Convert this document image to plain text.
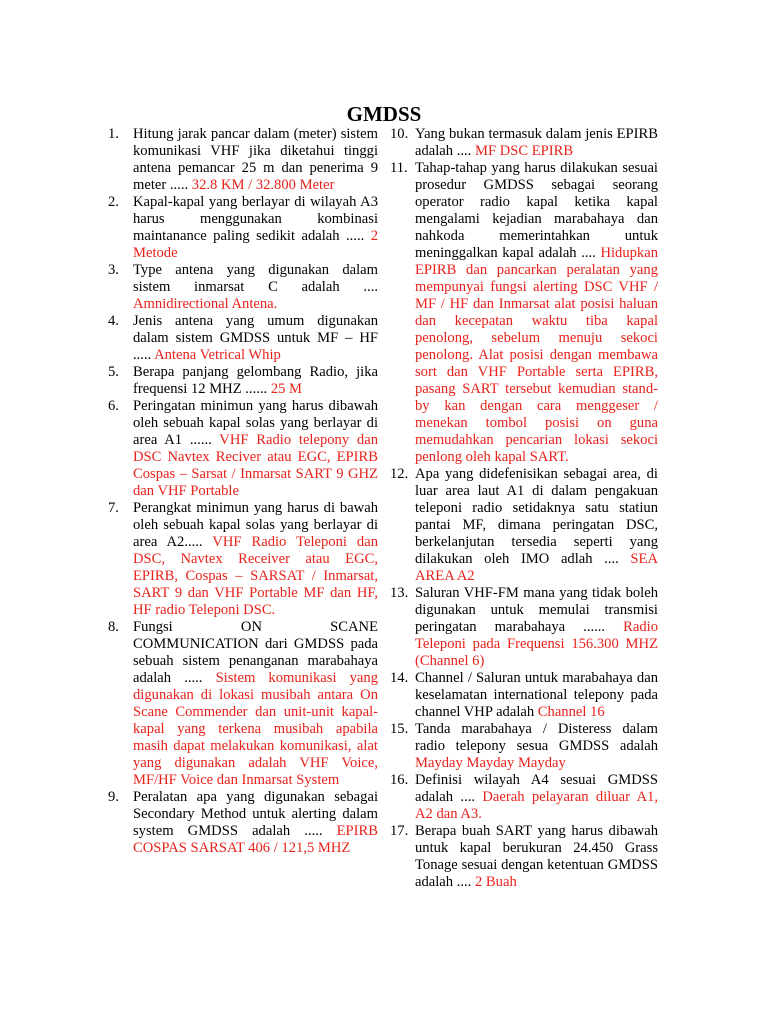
GMDSS
1. Hitung jarak pancar dalam (meter) sistem komunikasi VHF jika diketahui tinggi antena pemancar 25 m dan penerima 9 meter ..... 32.8 KM / 32.800 Meter
2. Kapal-kapal yang berlayar di wilayah A3 harus menggunakan kombinasi maintanance paling sedikit adalah ..... 2 Metode
3. Type antena yang digunakan dalam sistem inmarsat C adalah .... Amnidirectional Antena.
4. Jenis antena yang umum digunakan dalam sistem GMDSS untuk MF – HF ..... Antena Vetrical Whip
5. Berapa panjang gelombang Radio, jika frequensi 12 MHZ ...... 25 M
6. Peringatan minimun yang harus dibawah oleh sebuah kapal solas yang berlayar di area A1 ...... VHF Radio telepony dan DSC Navtex Reciver atau EGC, EPIRB Cospas – Sarsat / Inmarsat SART 9 GHZ dan VHF Portable
7. Perangkat minimun yang harus di bawah oleh sebuah kapal solas yang berlayar di area A2..... VHF Radio Teleponi dan DSC, Navtex Receiver atau EGC, EPIRB, Cospas – SARSAT / Inmarsat, SART 9 dan VHF Portable MF dan HF, HF radio Teleponi DSC.
8. Fungsi ON SCANE COMMUNICATION dari GMDSS pada sebuah sistem penanganan marabahaya adalah ..... Sistem komunikasi yang digunakan di lokasi musibah antara On Scane Commender dan unit-unit kapal-kapal yang terkena musibah apabila masih dapat melakukan komunikasi, alat yang digunakan adalah VHF Voice, MF/HF Voice dan Inmarsat System
9. Peralatan apa yang digunakan sebagai Secondary Method untuk alerting dalam system GMDSS adalah ..... EPIRB COSPAS SARSAT 406 / 121,5 MHZ
10. Yang bukan termasuk dalam jenis EPIRB adalah .... MF DSC EPIRB
11. Tahap-tahap yang harus dilakukan sesuai prosedur GMDSS sebagai seorang operator radio kapal ketika kapal mengalami kejadian marabahaya dan nahkoda memerintahkan untuk meninggalkan kapal adalah .... Hidupkan EPIRB dan pancarkan peralatan yang mempunyai fungsi alerting DSC VHF / MF / HF dan Inmarsat alat posisi haluan dan kecepatan waktu tiba kapal penolong, sebelum menuju sekoci penolong. Alat posisi dengan membawa sort dan VHF Portable serta EPIRB, pasang SART tersebut kemudian stand-by kan dengan cara menggeser / menekan tombol posisi on guna memudahkan pencarian lokasi sekoci penlong oleh kapal SART.
12. Apa yang didefenisikan sebagai area, di luar area laut A1 di dalam pengakuan teleponi radio setidaknya satu statiun pantai MF, dimana peringatan DSC, berkelanjutan tersedia seperti yang dilakukan oleh IMO adlah .... SEA AREA A2
13. Saluran VHF-FM mana yang tidak boleh digunakan untuk memulai transmisi peringatan marabahaya ...... Radio Teleponi pada Frequensi 156.300 MHZ (Channel 6)
14. Channel / Saluran untuk marabahaya dan keselamatan international telepony pada channel VHP adalah Channel 16
15. Tanda marabahaya / Disteress dalam radio telepony sesua GMDSS adalah Mayday Mayday Mayday
16. Definisi wilayah A4 sesuai GMDSS adalah .... Daerah pelayaran diluar A1, A2 dan A3.
17. Berapa buah SART yang harus dibawah untuk kapal berukuran 24.450 Grass Tonage sesuai dengan ketentuan GMDSS adalah .... 2 Buah
